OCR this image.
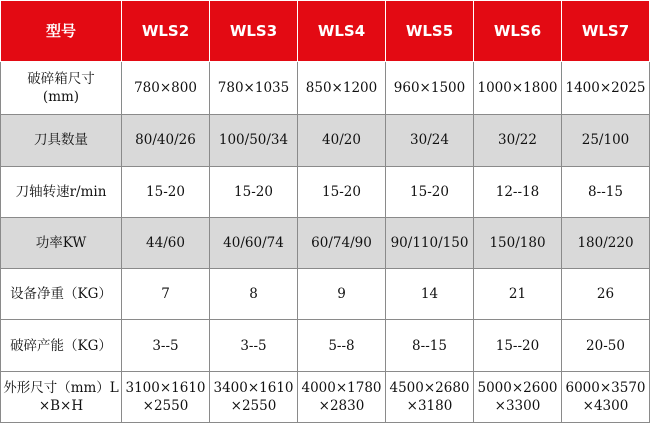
型号	WLS2	WLS3	WLS4	WLS5	WLS6	WLS7
破碎箱尺寸
(mm)	780×800	780×1035	850×1200	960×1500	1000×1800	1400×2025
刀具数量	80/40/26	100/50/34	40/20	30/24	30/22	25/100
刀轴转速r/min	15-20	15-20	15-20	15-20	12--18	8--15
功率KW	44/60	40/60/74	60/74/90	90/110/150	150/180	180/220
设备净重（KG）	7	8	9	14	21	26
破碎产能（KG）	3--5	3--5	5--8	8--15	15--20	20-50
外形尺寸（mm）L×B×H	3100×1610×2550	3400×1610×2550	4000×1780×2830	4500×2680×3180	5000×2600×3300	6000×3570×4300
